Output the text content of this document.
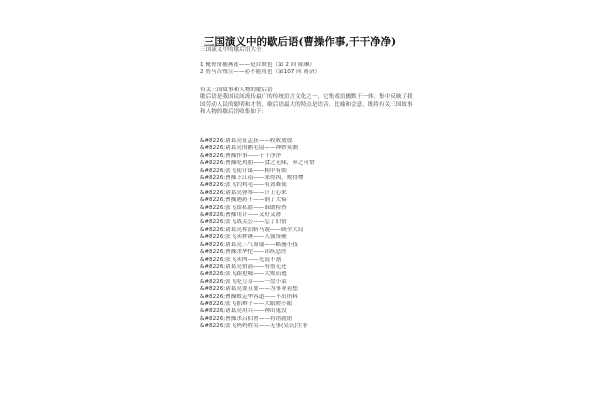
三国演义中的歇后语(曹操作事,干干净净)
三国演义中的歇后语大全
1 俺哥哥捕燕雀——是自欺也（第 2 回 陈琳）
2 剪马否残豆——必不能用也（第107 回 蒋济）
有关三国故事和人物的歇后语
歇后语是我国民间流传最广的传统语言文化之一，它集戏语幽默于一体，集中反映了我国劳动人民的聪明和才智，歇后语最大的特点是语音、比喻和会意，既将有关三国故事和人物的歇后语收集如下：
&#8226;诸葛亮征孟获——收收放放
&#8226;诸葛亮的鹅毛扇——神妙莫测
&#8226;曹操作事——干干净净
&#8226;曹操吃鸡肋——食之无味，弃之可惜
&#8226;张飞使计谋——粗中有细
&#8226;曹操下江南——来得凶，败得惨
&#8226;张飞钓鸡毛——有劲难使
&#8226;诸葛亮弹琴——计上心来
&#8226;曹操遇蒋干——倒了大霉
&#8226;张飞银私盐——谁敢检查
&#8226;曹操用计——又好又滑
&#8226;张飞战关公——忘了旧情
&#8226;诸葛亮挥泪斩马谡——顾全大局
&#8226;张飞卖秤锤——人强货硬
&#8226;诸葛亮三气周瑜——略施小技
&#8226;曹操杀华佗——讳疾忌医
&#8226;张飞卖肉——光说不割
&#8226;诸葛亮借箭——有借无还
&#8226;张飞跟抢城——大败而逃
&#8226;张飞吃豆芽——一盘小菜
&#8226;诸葛亮要且要——为事业着想
&#8226;曹操败走华容道——不出所料
&#8226;张飞抓辫子——大眼瞪小眼
&#8226;诸葛亮用兵——神出鬼没
&#8226;曹操杀吕伯奢——将错就错
&#8226;张飞妈妈姓吴——无事(吴氏)生非
